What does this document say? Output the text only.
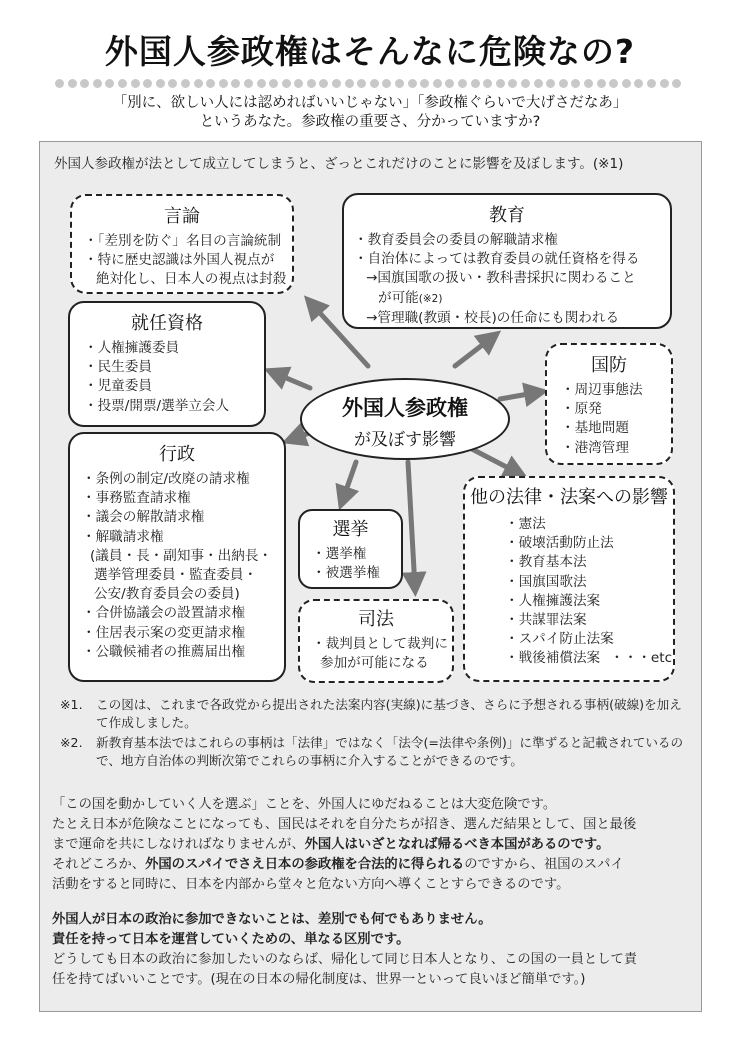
外国人参政権はそんなに危険なの?
「別に、欲しい人には認めればいいじゃない」「参政権ぐらいで大げさだなあ」
というあなた。参政権の重要さ、分かっていますか?
外国人参政権が法として成立してしまうと、ざっとこれだけのことに影響を及ぼします。(※1)
言論
・「差別を防ぐ」名目の言論統制
・特に歴史認識は外国人視点が
絶対化し、日本人の視点は封殺
教育
・教育委員会の委員の解職請求権
・自治体によっては教育委員の就任資格を得る
→国旗国歌の扱い・教科書採択に関わること
が可能(※2)
→管理職(教頭・校長)の任命にも関われる
就任資格
・人権擁護委員
・民生委員
・児童委員
・投票/開票/選挙立会人
国防
・周辺事態法
・原発
・基地問題
・港湾管理
外国人参政権
が及ぼす影響
行政
・条例の制定/改廃の請求権
・事務監査請求権
・議会の解散請求権
・解職請求権
(議員・長・副知事・出納長・
選挙管理委員・監査委員・
公安/教育委員会の委員)
・合併協議会の設置請求権
・住居表示案の変更請求権
・公職候補者の推薦届出権
選挙
・選挙権
・被選挙権
司法
・裁判員として裁判に
参加が可能になる
他の法律・法案への影響
・憲法
・破壊活動防止法
・教育基本法
・国旗国歌法
・人権擁護法案
・共謀罪法案
・スパイ防止法案
・戦後補償法案 ・・・etc.
※1. この図は、これまで各政党から提出された法案内容(実線)に基づき、さらに予想される事柄(破線)を加えて作成しました。
※2. 新教育基本法ではこれらの事柄は「法律」ではなく「法令(=法律や条例)」に準ずると記載されているので、地方自治体の判断次第でこれらの事柄に介入することができるのです。

「この国を動かしていく人を選ぶ」ことを、外国人にゆだねることは大変危険です。

たとえ日本が危険なことになっても、国民はそれを自分たちが招き、選んだ結果として、国と最後

まで運命を共にしなければなりませんが、外国人はいざとなれば帰るべき本国があるのです。

それどころか、外国のスパイでさえ日本の参政権を合法的に得られるのですから、祖国のスパイ

活動をすると同時に、日本を内部から堂々と危ない方向へ導くことすらできるのです。

外国人が日本の政治に参加できないことは、差別でも何でもありません。

責任を持って日本を運営していくための、単なる区別です。

どうしても日本の政治に参加したいのならば、帰化して同じ日本人となり、この国の一員として責

任を持てばいいことです。(現在の日本の帰化制度は、世界一といって良いほど簡単です。)
